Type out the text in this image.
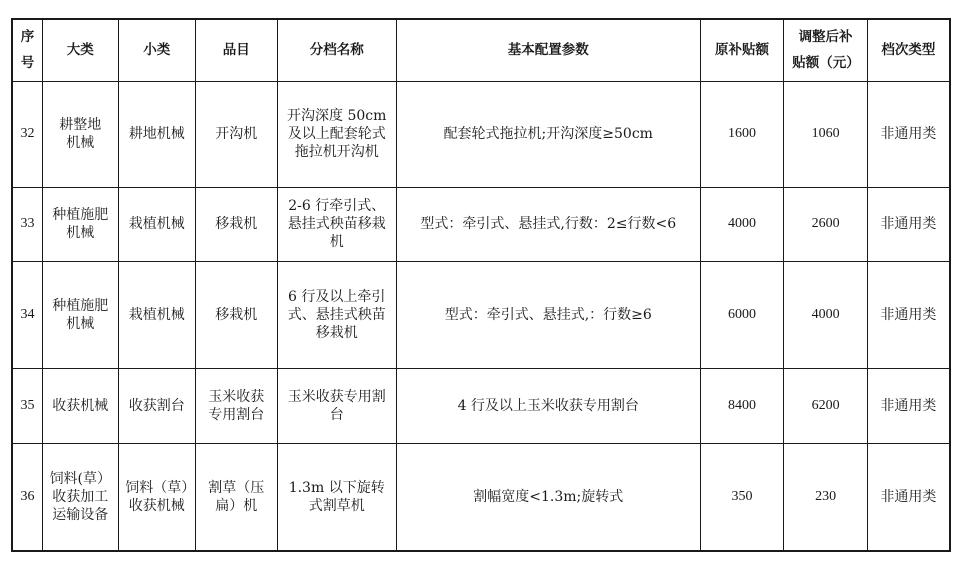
序号	大类	小类	品目	分档名称	基本配置参数	原补贴额	调整后补贴额（元）	档次类型
32	耕整地机械	耕地机械	开沟机	开沟深度 50cm 及以上配套轮式拖拉机开沟机	配套轮式拖拉机;开沟深度≥50cm	1600	1060	非通用类
33	种植施肥机械	栽植机械	移栽机	2-6 行牵引式、悬挂式秧苗移栽机	型式：牵引式、悬挂式,行数：2≤行数<6	4000	2600	非通用类
34	种植施肥机械	栽植机械	移栽机	6 行及以上牵引式、悬挂式秧苗移栽机	型式：牵引式、悬挂式,：行数≥6	6000	4000	非通用类
35	收获机械	收获割台	玉米收获专用割台	玉米收获专用割台	4 行及以上玉米收获专用割台	8400	6200	非通用类
36	饲料(草）收获加工运输设备	饲料（草）收获机械	割草（压扁）机	1.3m 以下旋转式割草机	割幅宽度<1.3m;旋转式	350	230	非通用类
